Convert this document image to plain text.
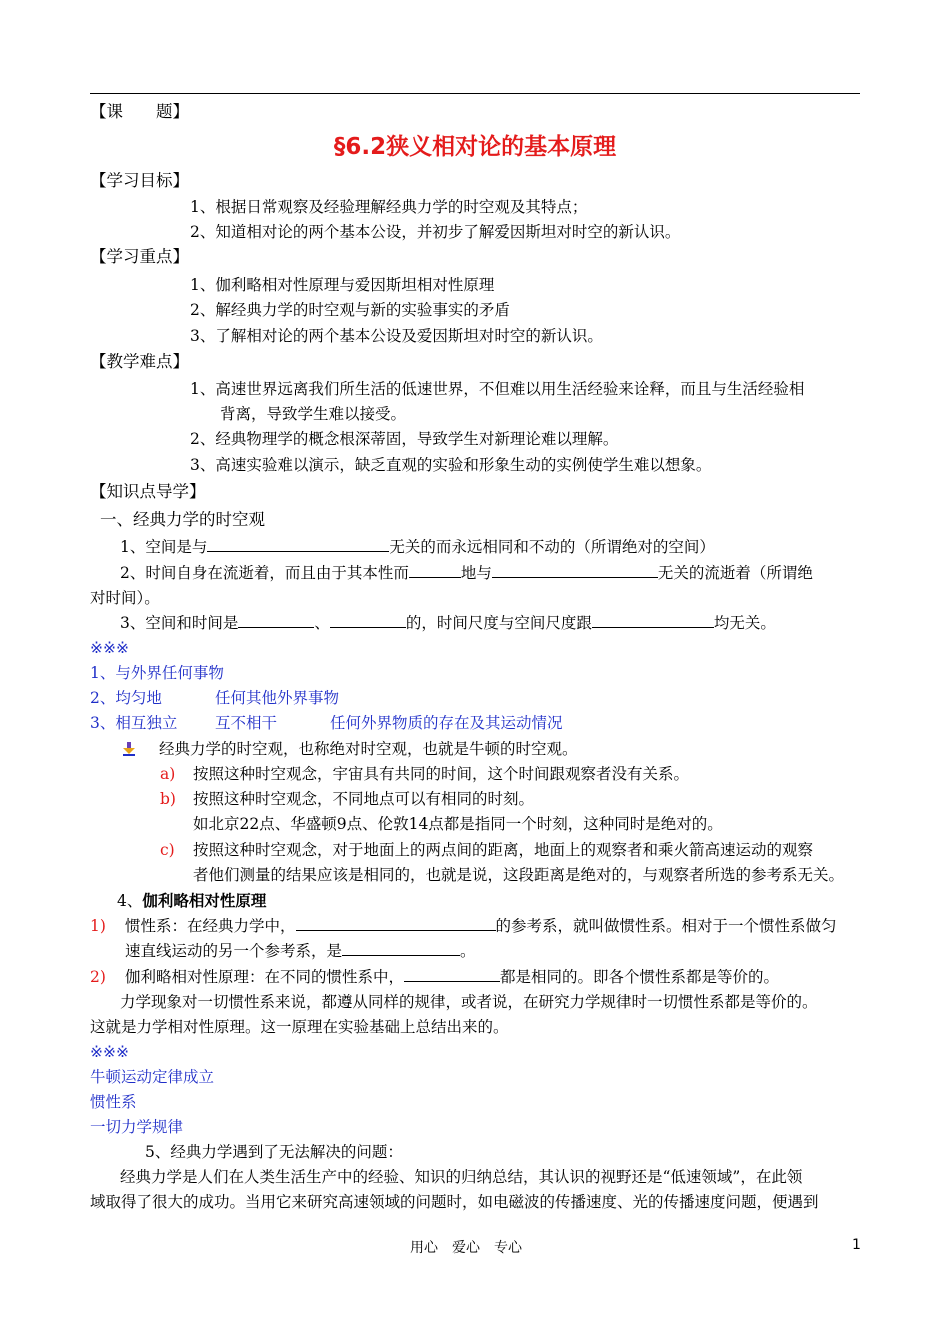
【课　　题】
§6.2狭义相对论的基本原理
【学习目标】
1、根据日常观察及经验理解经典力学的时空观及其特点；
2、知道相对论的两个基本公设，并初步了解爱因斯坦对时空的新认识。
【学习重点】
1、伽利略相对性原理与爱因斯坦相对性原理
2、解经典力学的时空观与新的实验事实的矛盾
3、了解相对论的两个基本公设及爱因斯坦对时空的新认识。
【教学难点】
1、高速世界远离我们所生活的低速世界，不但难以用生活经验来诠释，而且与生活经验相
背离，导致学生难以接受。
2、经典物理学的概念根深蒂固，导致学生对新理论难以理解。
3、高速实验难以演示，缺乏直观的实验和形象生动的实例使学生难以想象。
【知识点导学】
一、经典力学的时空观
1、空间是与	无关的而永远相同和不动的（所谓绝对的空间）
2、时间自身在流逝着，而且由于其本性而	地与	无关的流逝着（所谓绝
对时间）。
3、空间和时间是	、	的，时间尺度与空间尺度跟	均无关。
※※※
1、与外界任何事物
2、均匀地	任何其他外界事物
3、相互独立 互不相干	任何外界物质的存在及其运动情况
经典力学的时空观，也称绝对时空观，也就是牛顿的时空观。
a) 按照这种时空观念，宇宙具有共同的时间，这个时间跟观察者没有关系。
b) 按照这种时空观念，不同地点可以有相同的时刻。
如北京22点、华盛顿9点、伦敦14点都是指同一个时刻，这种同时是绝对的。
c) 按照这种时空观念，对于地面上的两点间的距离，地面上的观察者和乘火箭高速运动的观察
者他们测量的结果应该是相同的，也就是说，这段距离是绝对的，与观察者所选的参考系无关。
4、伽利略相对性原理
1) 惯性系：在经典力学中，	的参考系，就叫做惯性系。相对于一个惯性系做匀
速直线运动的另一个参考系，是	。
2) 伽利略相对性原理：在不同的惯性系中，	都是相同的。即各个惯性系都是等价的。
力学现象对一切惯性系来说，都遵从同样的规律，或者说，在研究力学规律时一切惯性系都是等价的。
这就是力学相对性原理。这一原理在实验基础上总结出来的。
※※※
牛顿运动定律成立
惯性系
一切力学规律
5、经典力学遇到了无法解决的问题：
经典力学是人们在人类生活生产中的经验、知识的归纳总结，其认识的视野还是“低速领域”，在此领
域取得了很大的成功。当用它来研究高速领域的问题时，如电磁波的传播速度、光的传播速度问题，便遇到
用心　爱心　专心	1
